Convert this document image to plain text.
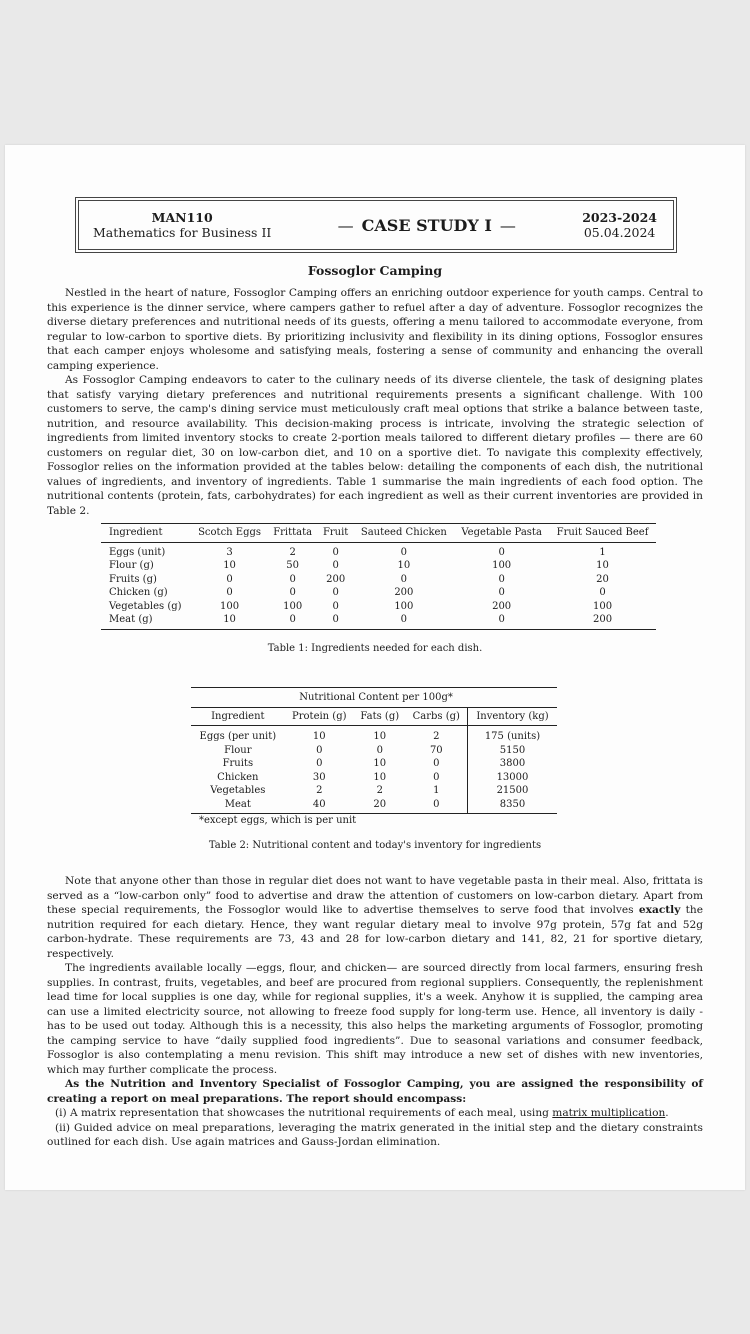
MAN110
Mathematics for Business II	— CASE STUDY I —	2023-2024
05.04.2024
Fossoglor Camping

Nestled in the heart of nature, Fossoglor Camping offers an enriching outdoor experience for youth camps. Central to this experience is the dinner service, where campers gather to refuel after a day of adventure. Fossoglor recognizes the diverse dietary preferences and nutritional needs of its guests, offering a menu tailored to accommodate everyone, from regular to low-carbon to sportive diets. By prioritizing inclusivity and flexibility in its dining options, Fossoglor ensures that each camper enjoys wholesome and satisfying meals, fostering a sense of community and enhancing the overall camping experience.

As Fossoglor Camping endeavors to cater to the culinary needs of its diverse clientele, the task of designing plates that satisfy varying dietary preferences and nutritional requirements presents a significant challenge. With 100 customers to serve, the camp's dining service must meticulously craft meal options that strike a balance between taste, nutrition, and resource availability. This decision-making process is intricate, involving the strategic selection of ingredients from limited inventory stocks to create 2-portion meals tailored to different dietary profiles — there are 60 customers on regular diet, 30 on low-carbon diet, and 10 on a sportive diet. To navigate this complexity effectively, Fossoglor relies on the information provided at the tables below: detailing the components of each dish, the nutritional values of ingredients, and inventory of ingredients. Table 1 summarise the main ingredients of each food option. The nutritional contents (protein, fats, carbohydrates) for each ingredient as well as their current inventories are provided in Table 2.

Ingredient	Scotch Eggs	Frittata	Fruit	Sauteed Chicken	Vegetable Pasta	Fruit Sauced Beef
Eggs (unit)	3	2	0	0	0	1
Flour (g)	10	50	0	10	100	10
Fruits (g)	0	0	200	0	0	20
Chicken (g)	0	0	0	200	0	0
Vegetables (g)	100	100	0	100	200	100
Meat (g)	10	0	0	0	0	200
Table 1: Ingredients needed for each dish.
	Nutritional Content per 100g*			
Ingredient	Protein (g)	Fats (g)	Carbs (g)	Inventory (kg)
Eggs (per unit)	10	10	2	175 (units)
Flour	0	0	70	5150
Fruits	0	10	0	3800
Chicken	30	10	0	13000
Vegetables	2	2	1	21500
Meat	40	20	0	8350
*except eggs, which is per unit
Table 2: Nutritional content and today's inventory for ingredients

Note that anyone other than those in regular diet does not want to have vegetable pasta in their meal. Also, frittata is served as a “low-carbon only” food to advertise and draw the attention of customers on low-carbon dietary. Apart from these special requirements, the Fossoglor would like to advertise themselves to serve food that involves exactly the nutrition required for each dietary. Hence, they want regular dietary meal to involve 97g protein, 57g fat and 52g carbon-hydrate. These requirements are 73, 43 and 28 for low-carbon dietary and 141, 82, 21 for sportive dietary, respectively.

The ingredients available locally —eggs, flour, and chicken— are sourced directly from local farmers, ensuring fresh supplies. In contrast, fruits, vegetables, and beef are procured from regional suppliers. Consequently, the replenishment lead time for local supplies is one day, while for regional supplies, it's a week. Anyhow it is supplied, the camping area can use a limited electricity source, not allowing to freeze food supply for long-term use. Hence, all inventory is daily - has to be used out today. Although this is a necessity, this also helps the marketing arguments of Fossoglor, promoting the camping service to have “daily supplied food ingredients”. Due to seasonal variations and consumer feedback, Fossoglor is also contemplating a menu revision. This shift may introduce a new set of dishes with new inventories, which may further complicate the process.

As the Nutrition and Inventory Specialist of Fossoglor Camping, you are assigned the responsibility of creating a report on meal preparations. The report should encompass:

(i) A matrix representation that showcases the nutritional requirements of each meal, using matrix multiplication.

(ii) Guided advice on meal preparations, leveraging the matrix generated in the initial step and the dietary constraints outlined for each dish. Use again matrices and Gauss-Jordan elimination.
